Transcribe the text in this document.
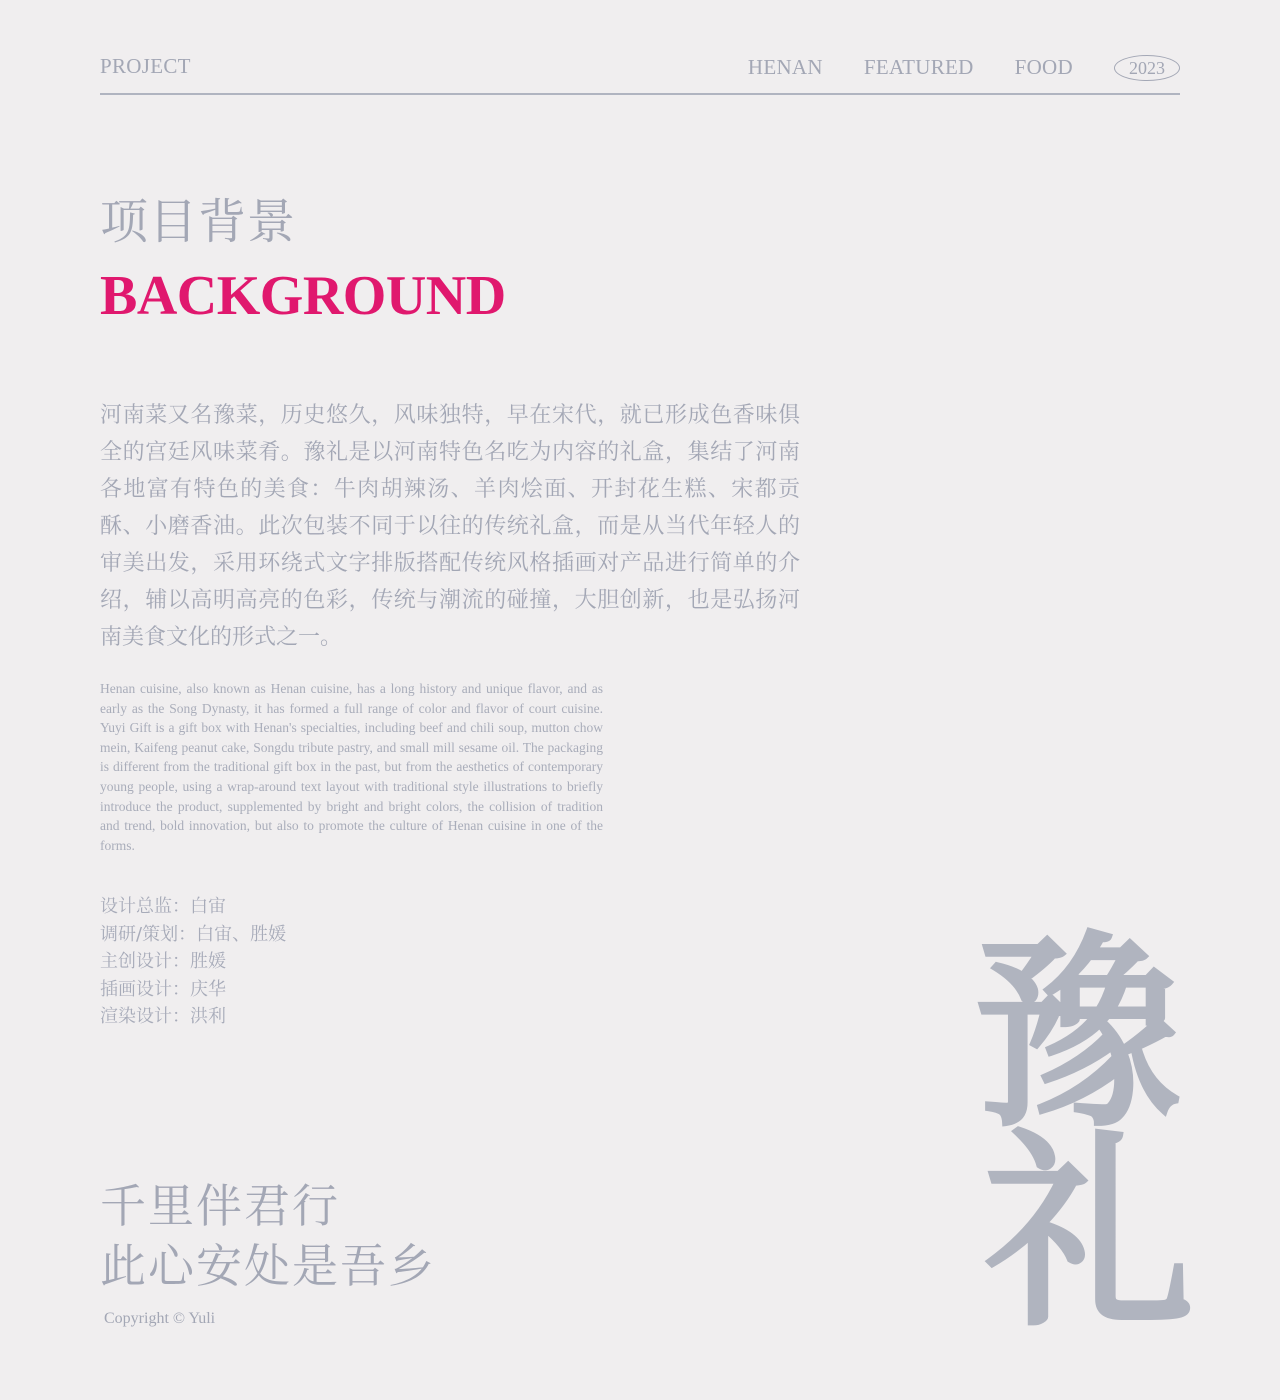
PROJECT	HENAN FEATURED FOOD	2023
项目背景
BACKGROUND

河南菜又名豫菜，历史悠久，风味独特，早在宋代，就已形成色香味俱全的宫廷风味菜肴。豫礼是以河南特色名吃为内容的礼盒，集结了河南各地富有特色的美食：牛肉胡辣汤、羊肉烩面、开封花生糕、宋都贡酥、小磨香油。此次包装不同于以往的传统礼盒，而是从当代年轻人的审美出发，采用环绕式文字排版搭配传统风格插画对产品进行简单的介绍，辅以高明高亮的色彩，传统与潮流的碰撞，大胆创新，也是弘扬河南美食文化的形式之一。

Henan cuisine, also known as Henan cuisine, has a long history and unique flavor, and as early as the Song Dynasty, it has formed a full range of color and flavor of court cuisine. Yuyi Gift is a gift box with Henan's specialties, including beef and chili soup, mutton chow mein, Kaifeng peanut cake, Songdu tribute pastry, and small mill sesame oil. The packaging is different from the traditional gift box in the past, but from the aesthetics of contemporary young people, using a wrap-around text layout with traditional style illustrations to briefly introduce the product, supplemented by bright and bright colors, the collision of tradition and trend, bold innovation, but also to promote the culture of Henan cuisine in one of the forms.

设计总监：白宙
调研/策划：白宙、胜媛
主创设计：胜媛
插画设计：庆华
渲染设计：洪利
千里伴君行
此心安处是吾乡
Copyright © Yuli
豫
礼
